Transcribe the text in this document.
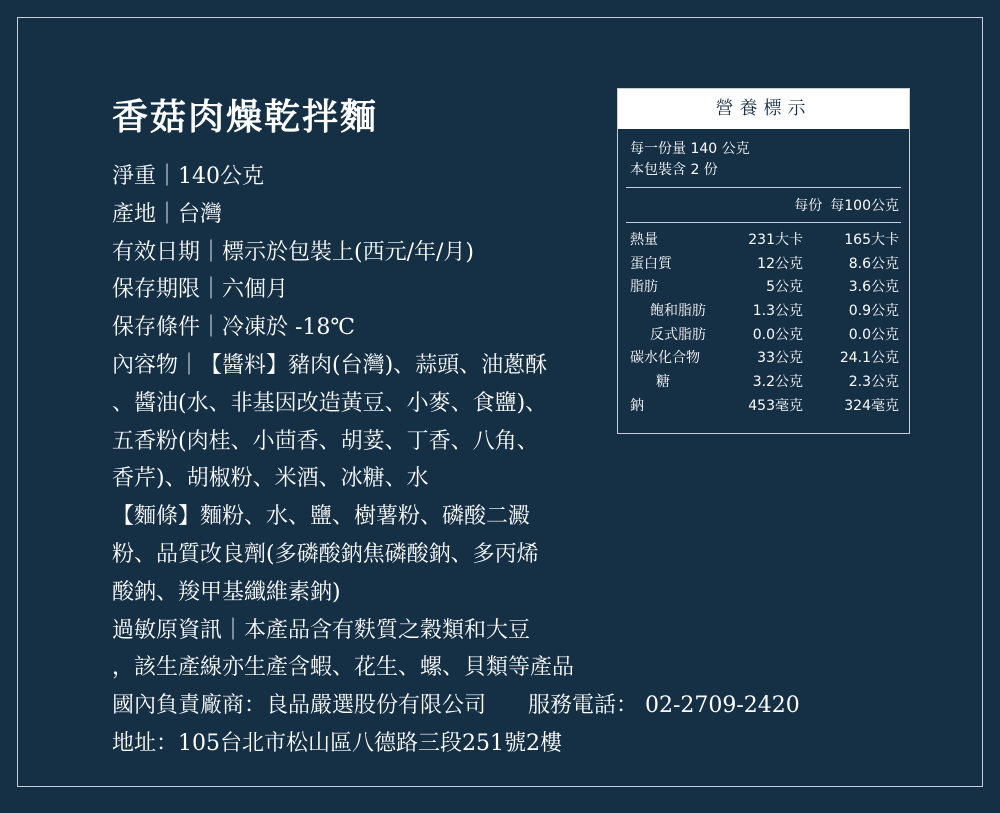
香菇肉燥乾拌麵
淨重｜140公克
產地｜台灣
有效日期｜標示於包裝上(西元/年/月)
保存期限｜六個月
保存條件｜冷凍於 -18℃
內容物｜【醬料】豬肉(台灣)、蒜頭、油蔥酥
、醬油(水、非基因改造黃豆、小麥、食鹽)、
五香粉(肉桂、小茴香、胡荽、丁香、八角、
香芹)、胡椒粉、米酒、冰糖、水
【麵條】麵粉、水、鹽、樹薯粉、磷酸二澱
粉、品質改良劑(多磷酸鈉焦磷酸鈉、多丙烯
酸鈉、羧甲基纖維素鈉)
過敏原資訊｜本產品含有麩質之穀類和大豆
，該生產線亦生產含蝦、花生、螺、貝類等產品
國內負責廠商：良品嚴選股份有限公司      服務電話： 02-2709-2420
地址：105台北市松山區八德路三段251號2樓
營養標示
每一份量 140 公克
本包裝含 2 份
每份 每100公克
熱量	231大卡	165大卡
蛋白質	12公克	8.6公克
脂肪	5公克	3.6公克
飽和脂肪	1.3公克	0.9公克
反式脂肪	0.0公克	0.0公克
碳水化合物	33公克	24.1公克
糖	3.2公克	2.3公克
鈉	453毫克	324毫克
